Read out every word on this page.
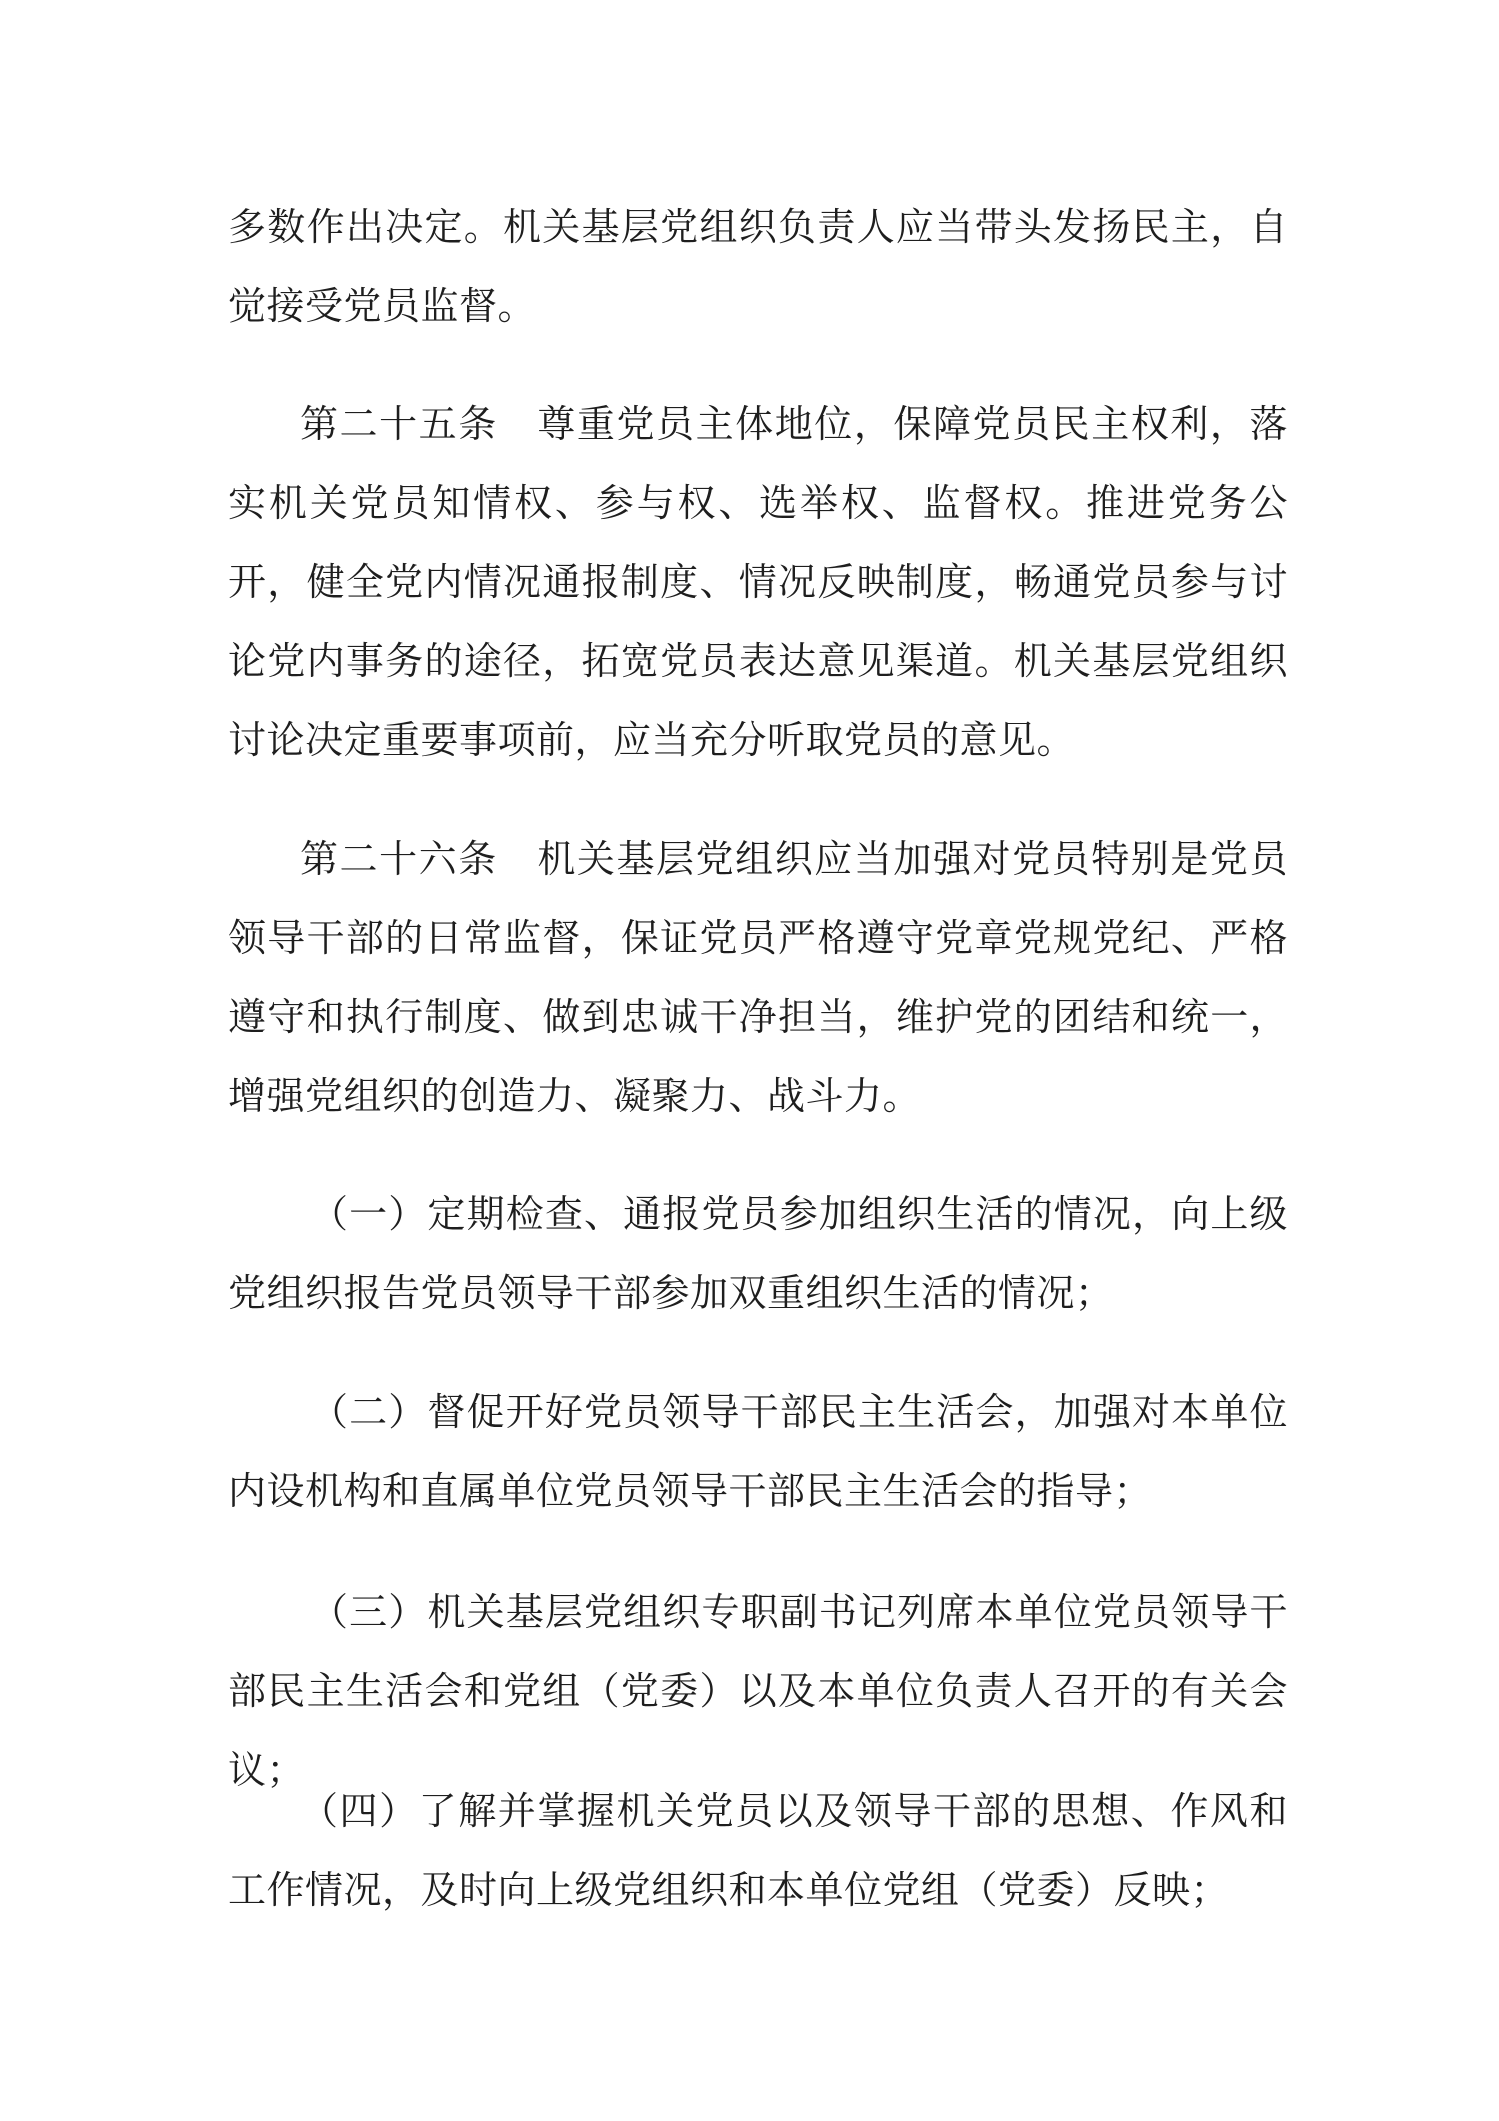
多数作出决定。机关基层党组织负责人应当带头发扬民主，自觉接受党员监督。

第二十五条　尊重党员主体地位，保障党员民主权利，落实机关党员知情权、参与权、选举权、监督权。推进党务公开，健全党内情况通报制度、情况反映制度，畅通党员参与讨论党内事务的途径，拓宽党员表达意见渠道。机关基层党组织讨论决定重要事项前，应当充分听取党员的意见。

第二十六条　机关基层党组织应当加强对党员特别是党员领导干部的日常监督，保证党员严格遵守党章党规党纪、严格遵守和执行制度、做到忠诚干净担当，维护党的团结和统一，增强党组织的创造力、凝聚力、战斗力。

（一）定期检查、通报党员参加组织生活的情况，向上级党组织报告党员领导干部参加双重组织生活的情况；

（二）督促开好党员领导干部民主生活会，加强对本单位内设机构和直属单位党员领导干部民主生活会的指导；

（三）机关基层党组织专职副书记列席本单位党员领导干部民主生活会和党组（党委）以及本单位负责人召开的有关会议；

（四）了解并掌握机关党员以及领导干部的思想、作风和工作情况，及时向上级党组织和本单位党组（党委）反映；
